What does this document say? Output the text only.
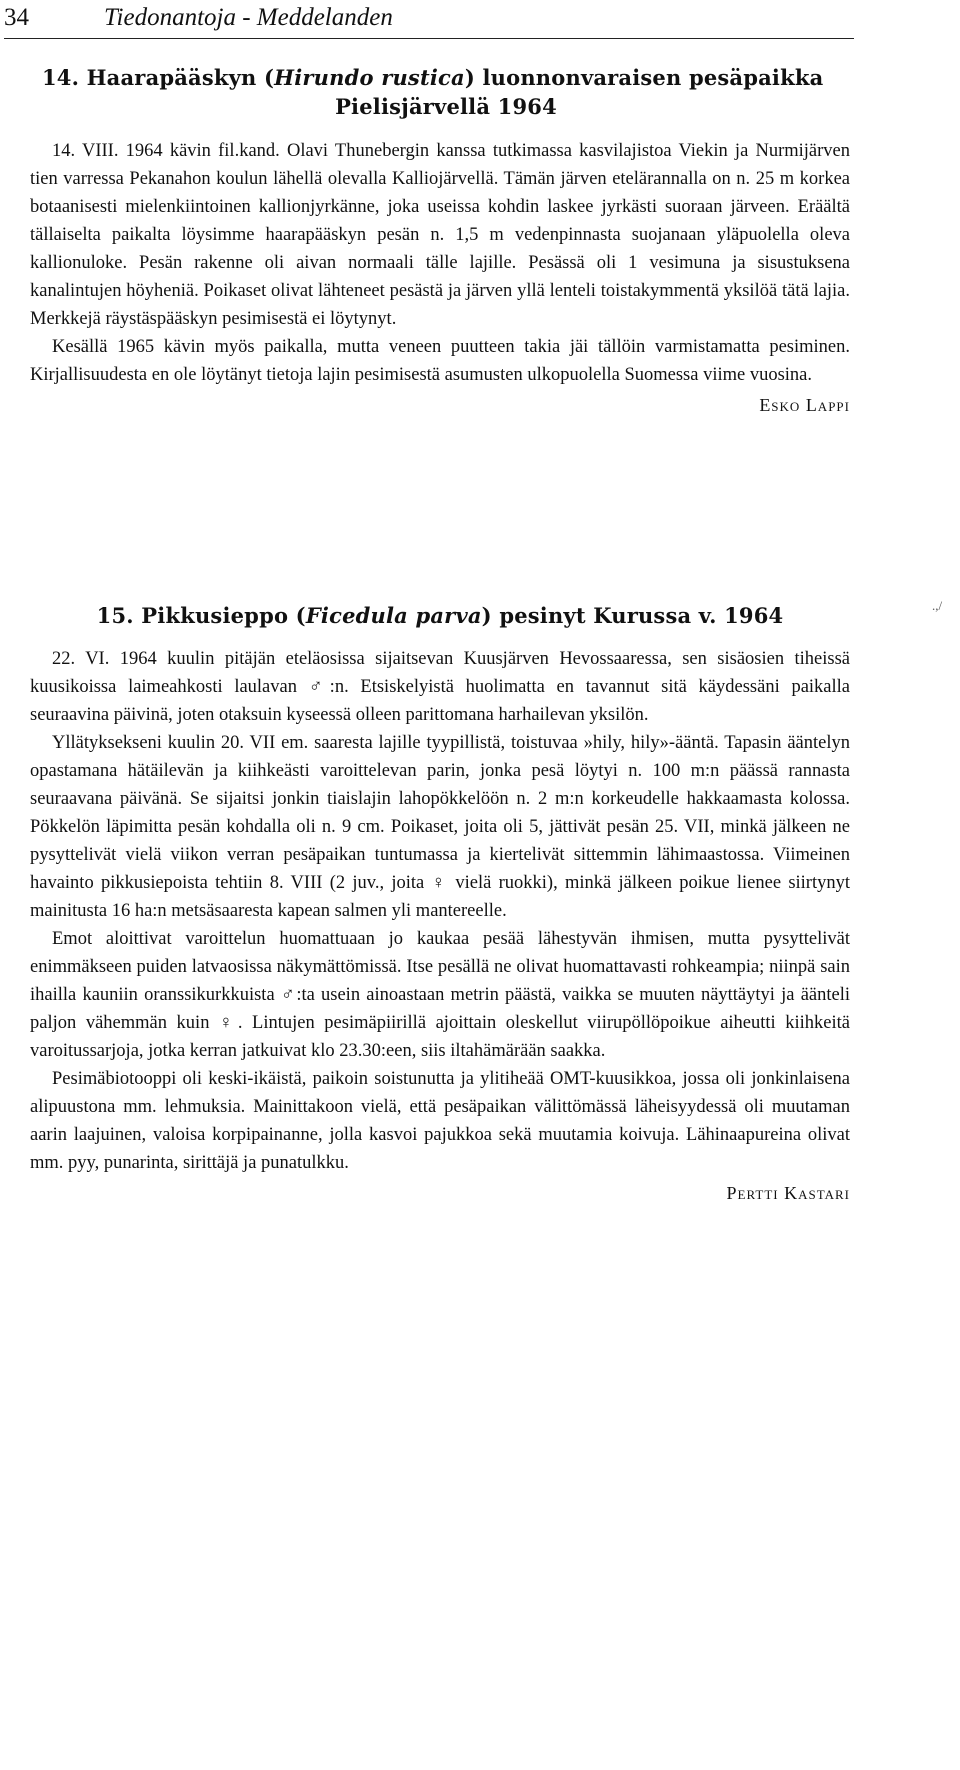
34	Tiedonantoja - Meddelanden
.,/
14. Haarapääskyn (Hirundo rustica) luonnonvaraisen pesäpaikka
Pielisjärvellä 1964

14. VIII. 1964 kävin fil.kand. Olavi Thunebergin kanssa tutkimassa kasvilajistoa Viekin ja Nurmijärven tien varressa Pekanahon koulun lähellä olevalla Kalliojärvellä. Tämän järven etelärannalla on n. 25 m korkea botaanisesti mielenkiintoinen kallionjyrkänne, joka useissa kohdin laskee jyrkästi suoraan järveen. Eräältä tällaiselta paikalta löysimme haarapääskyn pesän n. 1,5 m vedenpinnasta suojanaan yläpuolella oleva kallionuloke. Pesän rakenne oli aivan normaali tälle lajille. Pesässä oli 1 vesimuna ja sisustuksena kanalintujen höyheniä. Poikaset olivat lähteneet pesästä ja järven yllä lenteli toistakymmentä yksilöä tätä lajia. Merkkejä räystäspääskyn pesimisestä ei löytynyt.

Kesällä 1965 kävin myös paikalla, mutta veneen puutteen takia jäi tällöin varmistamatta pesiminen. Kirjallisuudesta en ole löytänyt tietoja lajin pesimisestä asumusten ulkopuolella Suomessa viime vuosina.

Esko Lappi
15. Pikkusieppo (Ficedula parva) pesinyt Kurussa v. 1964

22. VI. 1964 kuulin pitäjän eteläosissa sijaitsevan Kuusjärven Hevossaaressa, sen sisäosien tiheissä kuusikoissa laimeahkosti laulavan ♂:n. Etsiskelyistä huolimatta en tavannut sitä käydessäni paikalla seuraavina päivinä, joten otaksuin kyseessä olleen parittomana harhailevan yksilön.

Yllätyksekseni kuulin 20. VII em. saaresta lajille tyypillistä, toistuvaa »hily, hily»-ääntä. Tapasin ääntelyn opastamana hätäilevän ja kiihkeästi varoittelevan parin, jonka pesä löytyi n. 100 m:n päässä rannasta seuraavana päivänä. Se sijaitsi jonkin tiaislajin lahopökkelöön n. 2 m:n korkeudelle hakkaamasta kolossa. Pökkelön läpimitta pesän kohdalla oli n. 9 cm. Poikaset, joita oli 5, jättivät pesän 25. VII, minkä jälkeen ne pysyttelivät vielä viikon verran pesäpaikan tuntumassa ja kiertelivät sittemmin lähimaastossa. Viimeinen havainto pikkusiepoista tehtiin 8. VIII (2 juv., joita ♀ vielä ruokki), minkä jälkeen poikue lienee siirtynyt mainitusta 16 ha:n metsäsaaresta kapean salmen yli mantereelle.

Emot aloittivat varoittelun huomattuaan jo kaukaa pesää lähestyvän ihmisen, mutta pysyttelivät enimmäkseen puiden latvaosissa näkymättömissä. Itse pesällä ne olivat huomattavasti rohkeampia; niinpä sain ihailla kauniin oranssikurkkuista ♂:ta usein ainoastaan metrin päästä, vaikka se muuten näyttäytyi ja äänteli paljon vähemmän kuin ♀. Lintujen pesimäpiirillä ajoittain oleskellut viirupöllöpoikue aiheutti kiihkeitä varoitussarjoja, jotka kerran jatkuivat klo 23.30:een, siis iltahämärään saakka.

Pesimäbiotooppi oli keski-ikäistä, paikoin soistunutta ja ylitiheää OMT-kuusikkoa, jossa oli jonkinlaisena alipuustona mm. lehmuksia. Mainittakoon vielä, että pesäpaikan välittömässä läheisyydessä oli muutaman aarin laajuinen, valoisa korpipainanne, jolla kasvoi pajukkoa sekä muutamia koivuja. Lähinaapureina olivat mm. pyy, punarinta, sirittäjä ja punatulkku.

Pertti Kastari
